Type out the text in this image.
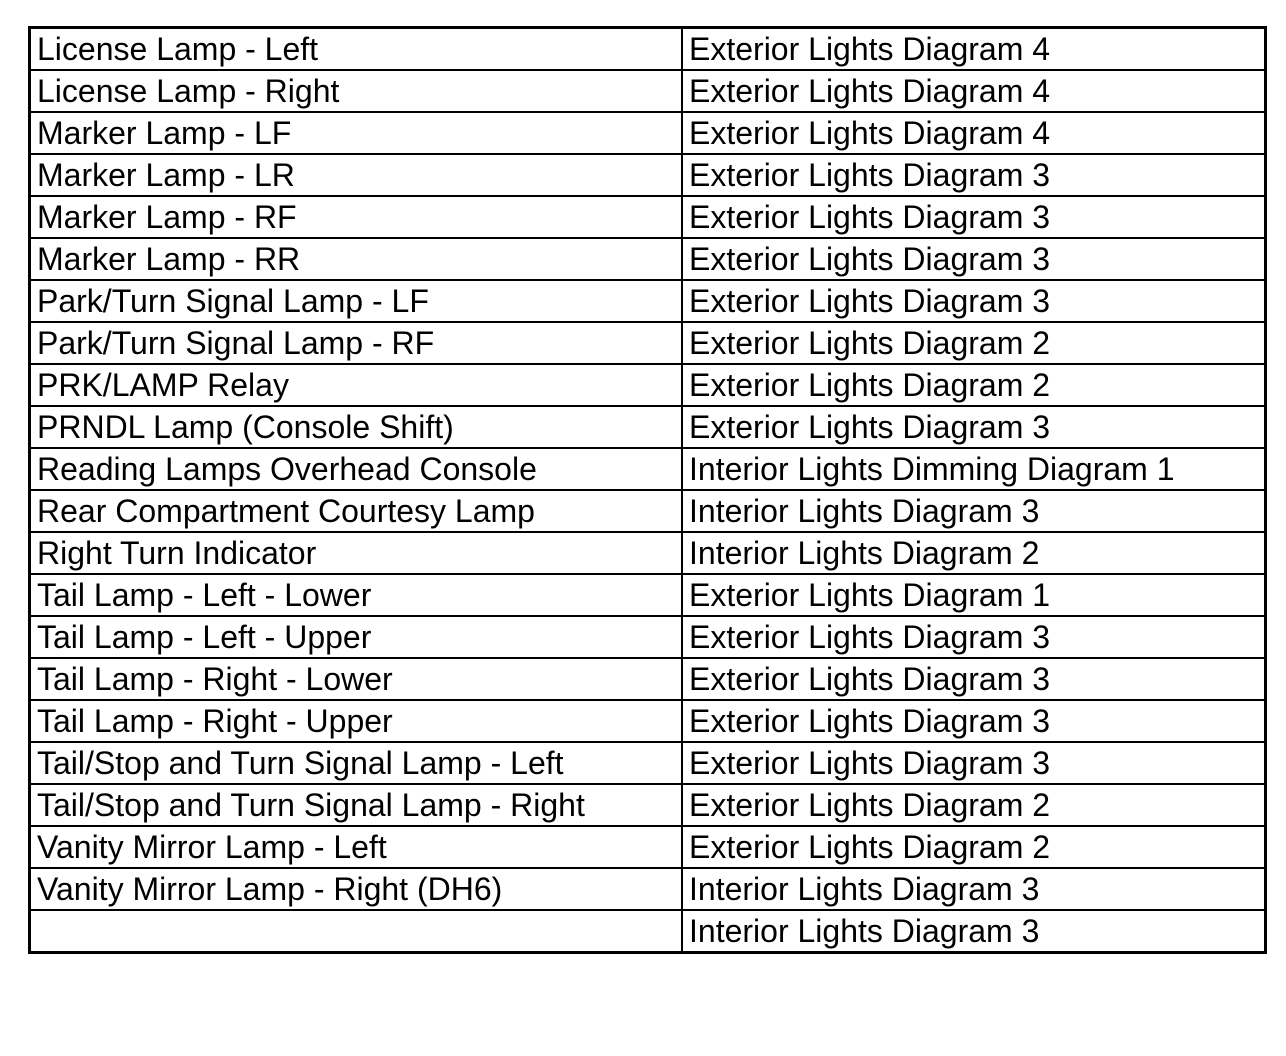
License Lamp - Left	Exterior Lights Diagram 4
License Lamp - Right	Exterior Lights Diagram 4
Marker Lamp - LF	Exterior Lights Diagram 4
Marker Lamp - LR	Exterior Lights Diagram 3
Marker Lamp - RF	Exterior Lights Diagram 3
Marker Lamp - RR	Exterior Lights Diagram 3
Park/Turn Signal Lamp - LF	Exterior Lights Diagram 3
Park/Turn Signal Lamp - RF	Exterior Lights Diagram 2
PRK/LAMP Relay	Exterior Lights Diagram 2
PRNDL Lamp (Console Shift)	Exterior Lights Diagram 3
Reading Lamps Overhead Console	Interior Lights Dimming Diagram 1
Rear Compartment Courtesy Lamp	Interior Lights Diagram 3
Right Turn Indicator	Interior Lights Diagram 2
Tail Lamp - Left - Lower	Exterior Lights Diagram 1
Tail Lamp - Left - Upper	Exterior Lights Diagram 3
Tail Lamp - Right - Lower	Exterior Lights Diagram 3
Tail Lamp - Right - Upper	Exterior Lights Diagram 3
Tail/Stop and Turn Signal Lamp - Left	Exterior Lights Diagram 3
Tail/Stop and Turn Signal Lamp - Right	Exterior Lights Diagram 2
Vanity Mirror Lamp - Left	Exterior Lights Diagram 2
Vanity Mirror Lamp - Right (DH6)	Interior Lights Diagram 3
	Interior Lights Diagram 3
